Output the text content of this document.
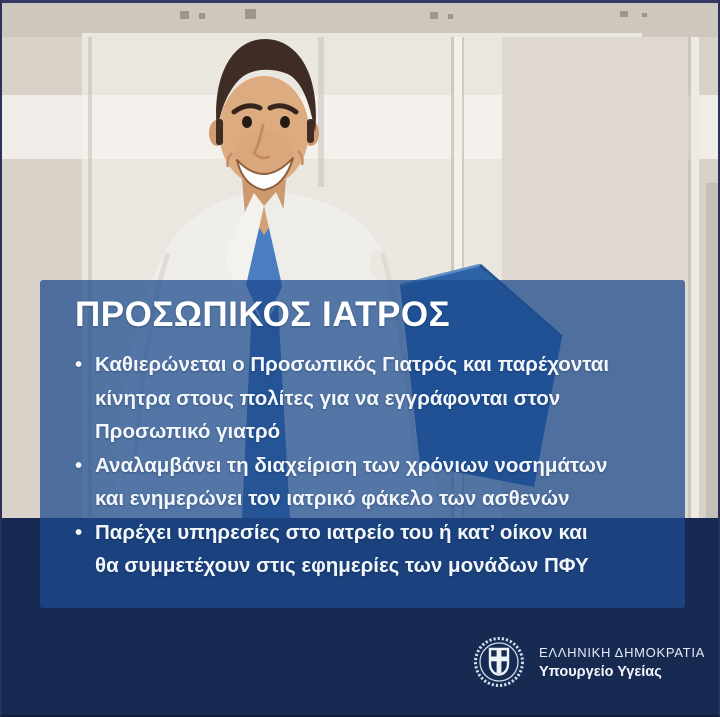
ΠΡΟΣΩΠΙΚΟΣ ΙΑΤΡΟΣ
• Καθιερώνεται ο Προσωπικός Γιατρός και παρέχονται
κίνητρα στους πολίτες για να εγγράφονται στον
Προσωπικό γιατρό
• Αναλαμβάνει τη διαχείριση των χρόνιων νοσημάτων
και ενημερώνει τον ιατρικό φάκελο των ασθενών
• Παρέχει υπηρεσίες στο ιατρείο του ή κατ’ οίκον και
θα συμμετέχουν στις εφημερίες των μονάδων ΠΦΥ
ΕΛΛΗΝΙΚΗ ΔΗΜΟΚΡΑΤΙΑ
Υπουργείο Υγείας
